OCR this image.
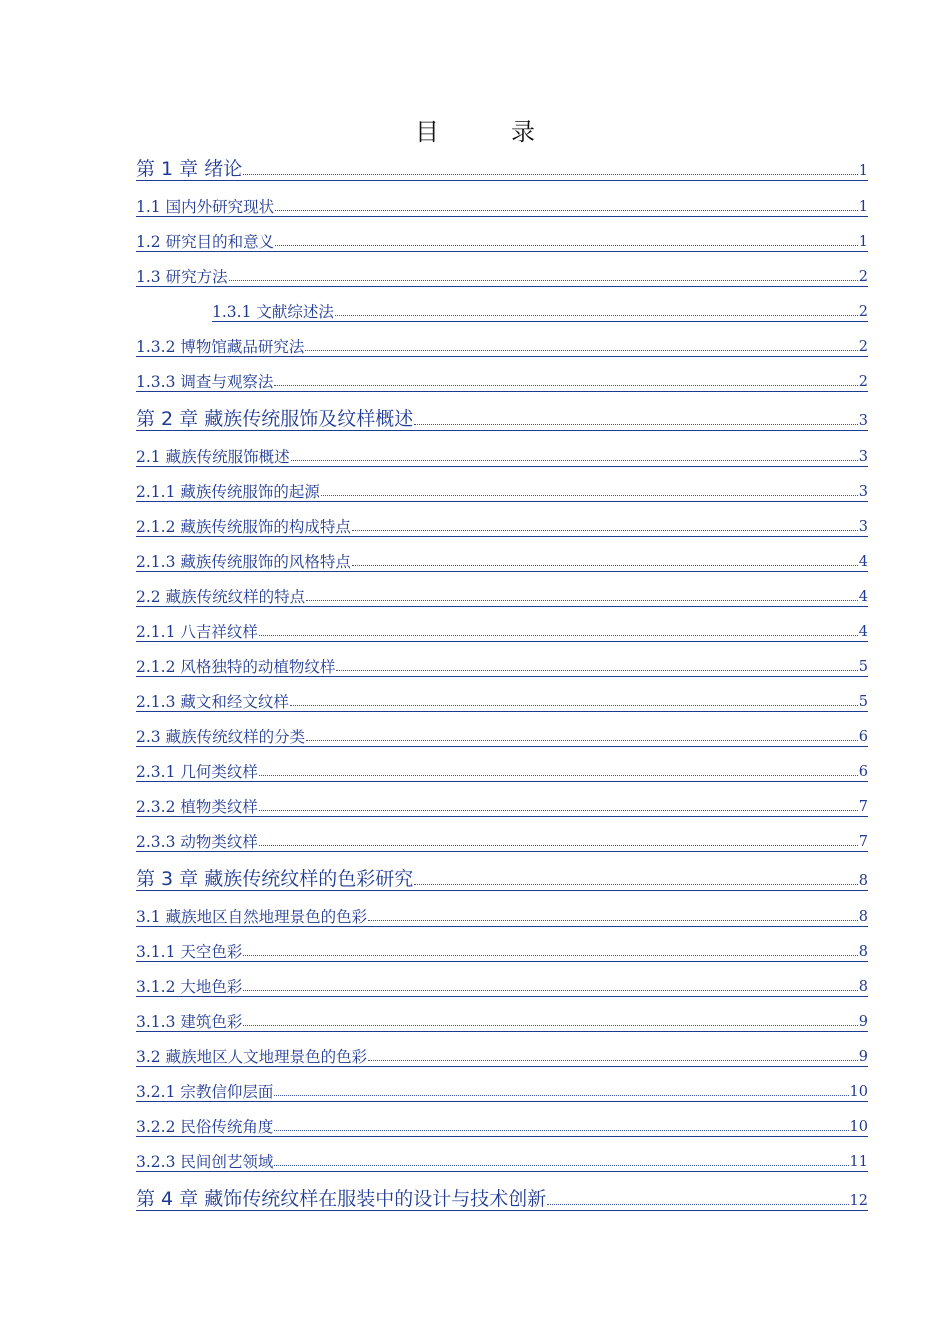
目　录
第 1 章 绪论	1
1.1 国内外研究现状	1
1.2 研究目的和意义	1
1.3 研究方法	2
1.3.1 文献综述法	2
1.3.2 博物馆藏品研究法	2
1.3.3 调查与观察法	2
第 2 章 藏族传统服饰及纹样概述	3
2.1 藏族传统服饰概述	3
2.1.1 藏族传统服饰的起源	3
2.1.2 藏族传统服饰的构成特点	3
2.1.3 藏族传统服饰的风格特点	4
2.2 藏族传统纹样的特点	4
2.1.1 八吉祥纹样	4
2.1.2 风格独特的动植物纹样	5
2.1.3 藏文和经文纹样	5
2.3 藏族传统纹样的分类	6
2.3.1 几何类纹样	6
2.3.2 植物类纹样	7
2.3.3 动物类纹样	7
第 3 章 藏族传统纹样的色彩研究	8
3.1 藏族地区自然地理景色的色彩	8
3.1.1 天空色彩	8
3.1.2 大地色彩	8
3.1.3 建筑色彩	9
3.2 藏族地区人文地理景色的色彩	9
3.2.1 宗教信仰层面	10
3.2.2 民俗传统角度	10
3.2.3 民间创艺领域	11
第 4 章 藏饰传统纹样在服装中的设计与技术创新	12
